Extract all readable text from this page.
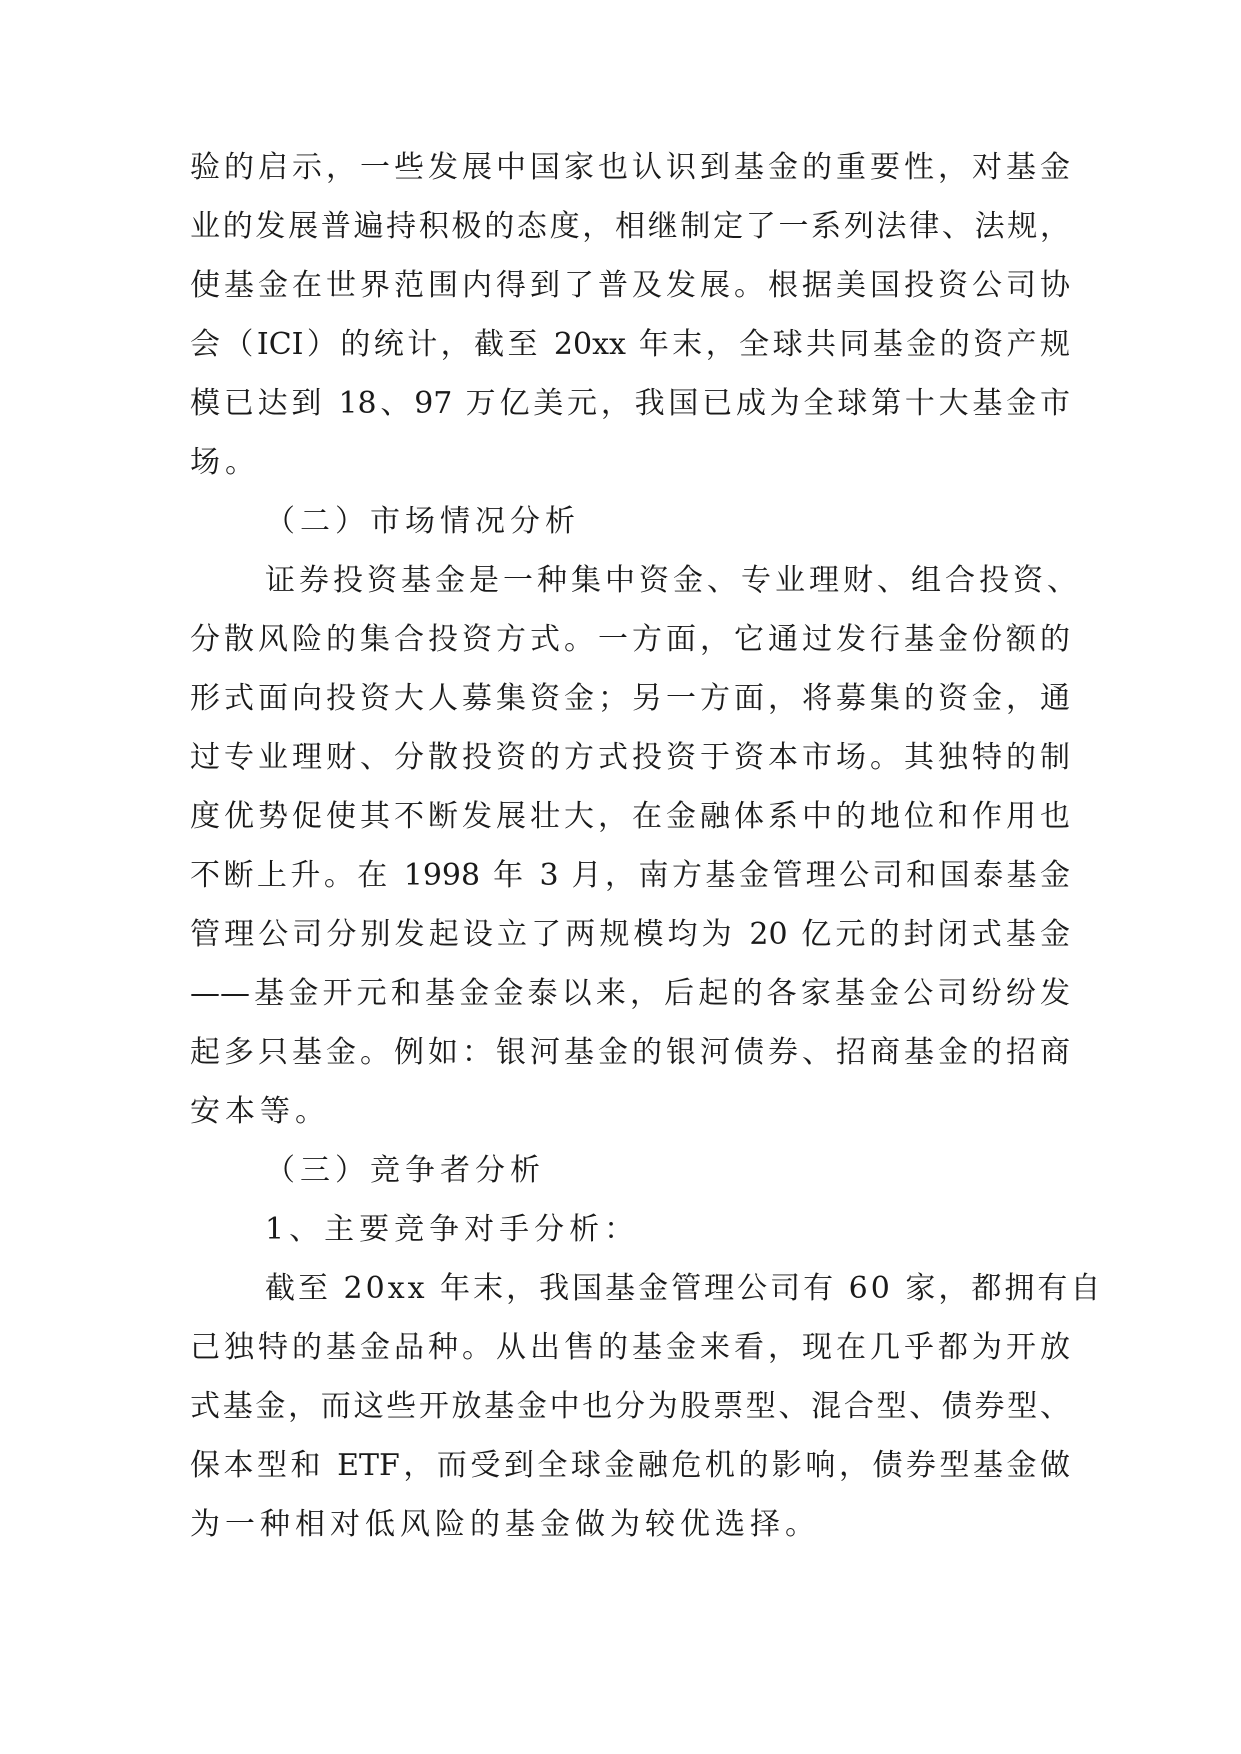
验的启示，一些发展中国家也认识到基金的重要性，对基金
业的发展普遍持积极的态度，相继制定了一系列法律、法规，
使基金在世界范围内得到了普及发展。根据美国投资公司协
会（ICI）的统计，截至 20xx 年末，全球共同基金的资产规
模已达到 18、97 万亿美元，我国已成为全球第十大基金市
场。
（二）市场情况分析
证券投资基金是一种集中资金、专业理财、组合投资、
分散风险的集合投资方式。一方面，它通过发行基金份额的
形式面向投资大人募集资金；另一方面，将募集的资金，通
过专业理财、分散投资的方式投资于资本市场。其独特的制
度优势促使其不断发展壮大，在金融体系中的地位和作用也
不断上升。在 1998 年 3 月，南方基金管理公司和国泰基金
管理公司分别发起设立了两规模均为 20 亿元的封闭式基金
——基金开元和基金金泰以来，后起的各家基金公司纷纷发
起多只基金。例如：银河基金的银河债券、招商基金的招商
安本等。
（三）竞争者分析
1、主要竞争对手分析：
截至 20xx 年末，我国基金管理公司有 60 家，都拥有自
己独特的基金品种。从出售的基金来看，现在几乎都为开放
式基金，而这些开放基金中也分为股票型、混合型、债券型、
保本型和 ETF，而受到全球金融危机的影响，债券型基金做
为一种相对低风险的基金做为较优选择。
